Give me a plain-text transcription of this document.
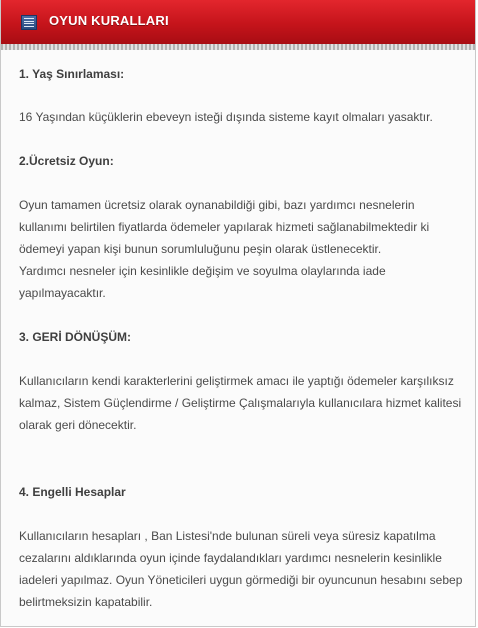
OYUN KURALLARI

1. Yaş Sınırlaması:

16 Yaşından küçüklerin ebeveyn isteği dışında sisteme kayıt olmaları yasaktır.

2.Ücretsiz Oyun:

Oyun tamamen ücretsiz olarak oynanabildiği gibi, bazı yardımcı nesnelerin kullanımı belirtilen fiyatlarda ödemeler yapılarak hizmeti sağlanabilmektedir ki ödemeyi yapan kişi bunun sorumluluğunu peşin olarak üstlenecektir.

Yardımcı nesneler için kesinlikle değişim ve soyulma olaylarında iade yapılmayacaktır.

3. GERİ DÖNÜŞÜM:

Kullanıcıların kendi karakterlerini geliştirmek amacı ile yaptığı ödemeler karşılıksız kalmaz, Sistem Güçlendirme / Geliştirme Çalışmalarıyla kullanıcılara hizmet kalitesi olarak geri dönecektir.

4. Engelli Hesaplar

Kullanıcıların hesapları , Ban Listesi'nde bulunan süreli veya süresiz kapatılma cezalarını aldıklarında oyun içinde faydalandıkları yardımcı nesnelerin kesinlikle iadeleri yapılmaz. Oyun Yöneticileri uygun görmediği bir oyuncunun hesabını sebep belirtmeksizin kapatabilir.
